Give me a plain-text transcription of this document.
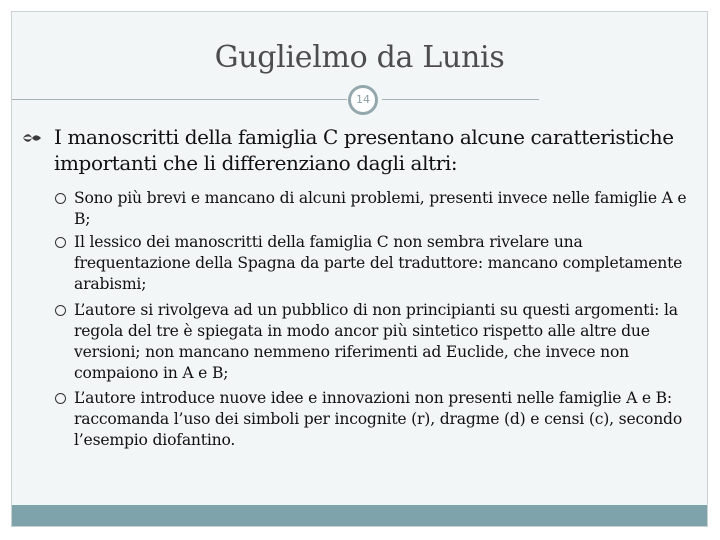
Guglielmo da Lunis
14
I manoscritti della famiglia C presentano alcune caratteristiche importanti che li differenziano dagli altri:
Sono più brevi e mancano di alcuni problemi, presenti invece nelle famiglie A e B;
Il lessico dei manoscritti della famiglia C non sembra rivelare una frequentazione della Spagna da parte del traduttore: mancano completamente arabismi;
L’autore si rivolgeva ad un pubblico di non principianti su questi argomenti: la regola del tre è spiegata in modo ancor più sintetico rispetto alle altre due versioni; non mancano nemmeno riferimenti ad Euclide, che invece non compaiono in A e B;
L’autore introduce nuove idee e innovazioni non presenti nelle famiglie A e B: raccomanda l’uso dei simboli per incognite (r), dragme (d) e censi (c), secondo l’esempio diofantino.
